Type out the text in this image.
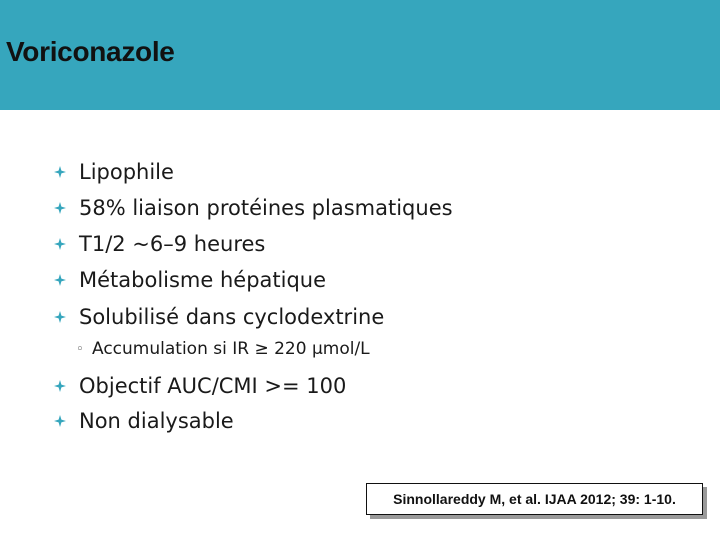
Voriconazole
Lipophile
58% liaison protéines plasmatiques
T1/2 ~6–9 heures
Métabolisme hépatique
Solubilisé dans cyclodextrine
◦ Accumulation si IR ≥ 220 µmol/L
Objectif AUC/CMI >= 100
Non dialysable
Sinnollareddy M, et al. IJAA 2012; 39: 1-10.
